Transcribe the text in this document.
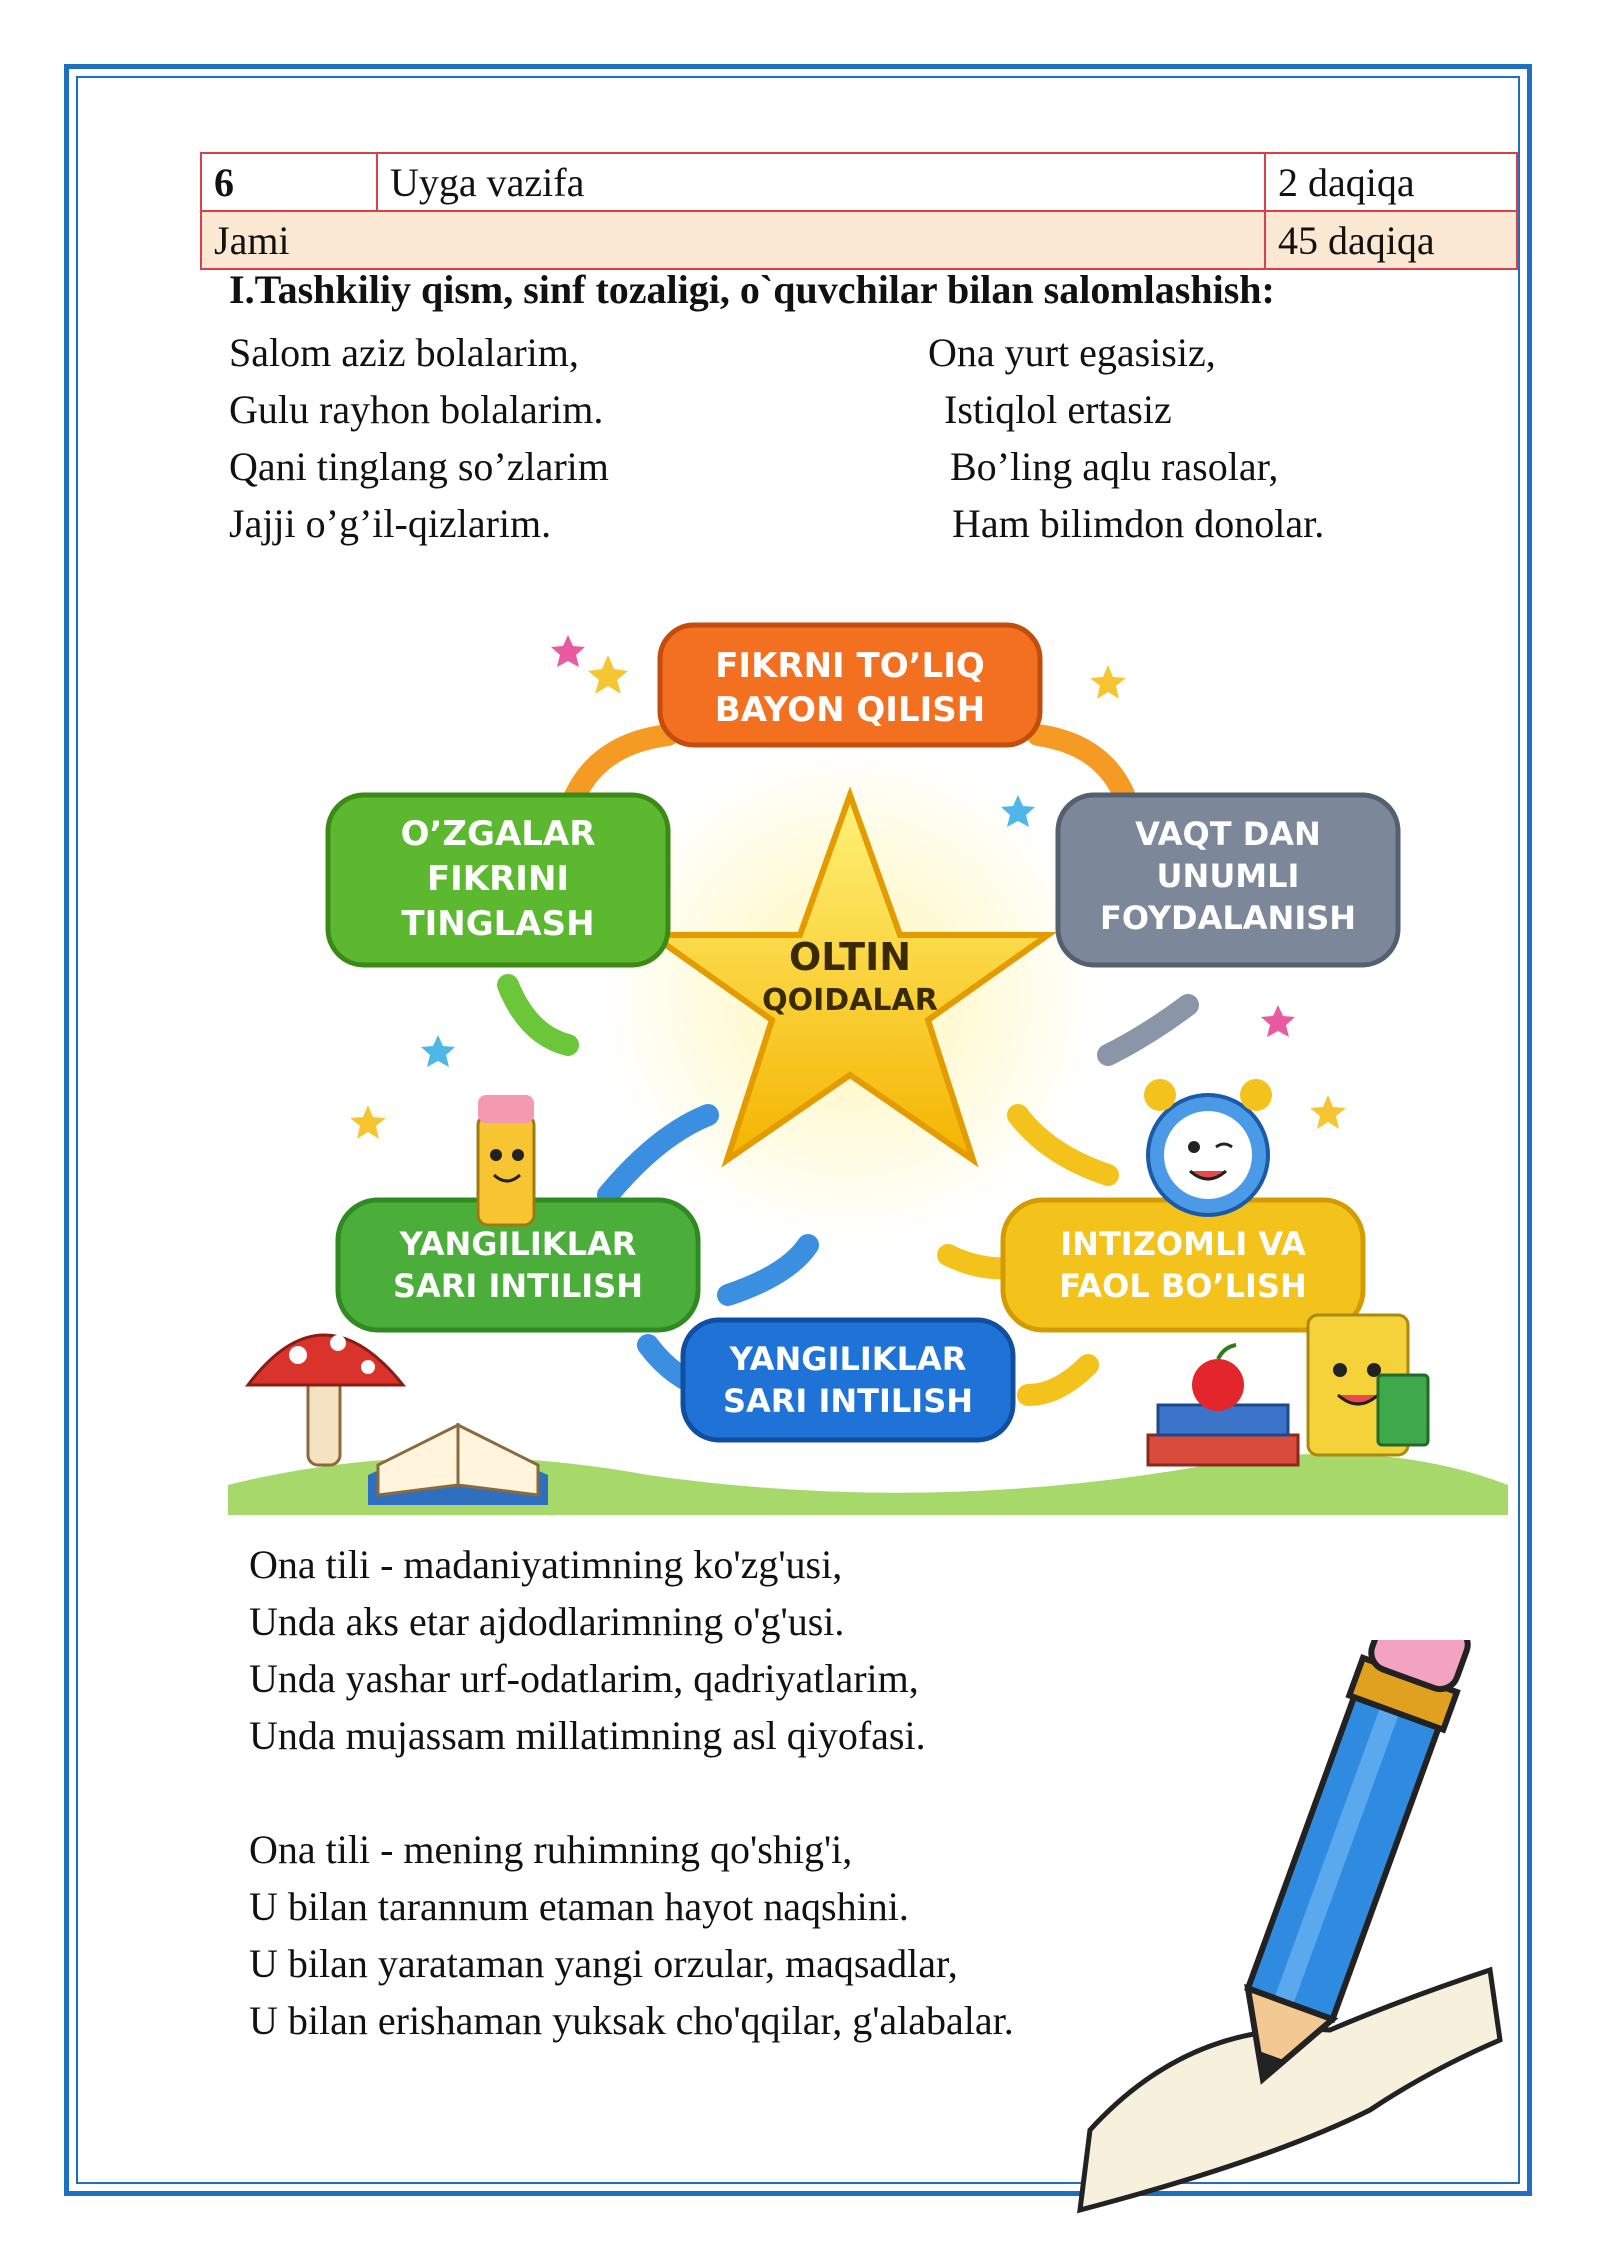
6	Uyga vazifa	2 daqiqa
Jami		45 daqiqa
I.Tashkiliy qism, sinf tozaligi, o`quvchilar bilan salomlashish:
Salom aziz bolalarim,
Gulu rayhon bolalarim.
Qani tinglang so’zlarim
Jajji o’g’il-qizlarim.
Ona yurt egasisiz,
Istiqlol ertasiz
Bo’ling aqlu rasolar,
Ham bilimdon donolar.
OLTIN
QOIDALAR
FIKRNI TO’LIQ
BAYON QILISH
O’ZGALAR
FIKRINI
TINGLASH
VAQT DAN
UNUMLI
FOYDALANISH
YANGILIKLAR
SARI INTILISH
INTIZOMLI VA
FAOL BO’LISH
YANGILIKLAR
SARI INTILISH
Ona tili - madaniyatimning ko'zg'usi,
Unda aks etar ajdodlarimning o'g'usi.
Unda yashar urf-odatlarim, qadriyatlarim,
Unda mujassam millatimning asl qiyofasi.
Ona tili - mening ruhimning qo'shig'i,
U bilan tarannum etaman hayot naqshini.
U bilan yarataman yangi orzular, maqsadlar,
U bilan erishaman yuksak cho'qqilar, g'alabalar.
